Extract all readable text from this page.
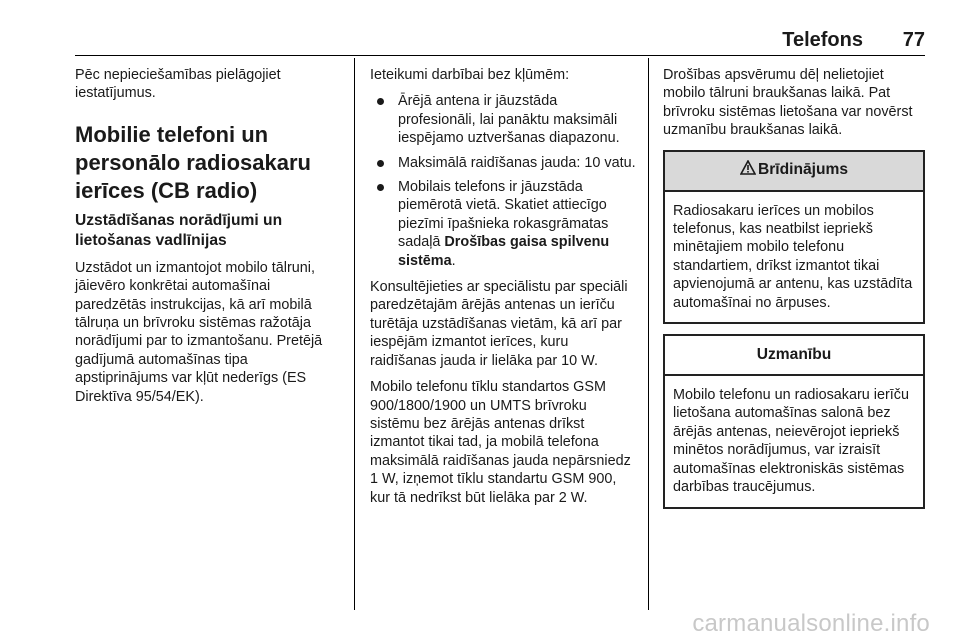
Telefons 77

Pēc nepieciešamības pielāgojiet iestatījumus.

Mobilie telefoni un personālo radiosakaru ierīces (CB radio)
Uzstādīšanas norādījumi un lietošanas vadlīnijas

Uzstādot un izmantojot mobilo tālruni, jāievēro konkrētai automašīnai paredzētās instrukcijas, kā arī mobilā tālruņa un brīvroku sistēmas ražotāja norādījumi par to izmantošanu. Pretējā gadījumā automašīnas tipa apstiprinājums var kļūt nederīgs (ES Direktīva 95/54/EK).

Ieteikumi darbībai bez kļūmēm:

Ārējā antena ir jāuzstāda profesionāli, lai panāktu maksimāli iespējamo uztveršanas diapazonu.
Maksimālā raidīšanas jauda: 10 vatu.
Mobilais telefons ir jāuzstāda piemērotā vietā. Skatiet attiecīgo piezīmi īpašnieka rokasgrāmatas sadaļā Drošības gaisa spilvenu sistēma.

Konsultējieties ar speciālistu par speciāli paredzētajām ārējās antenas un ierīču turētāja uzstādīšanas vietām, kā arī par iespējām izmantot ierīces, kuru raidīšanas jauda ir lielāka par 10 W.

Mobilo telefonu tīklu standartos GSM 900/1800/1900 un UMTS brīvroku sistēmu bez ārējās antenas drīkst izmantot tikai tad, ja mobilā telefona maksimālā raidīšanas jauda nepārsniedz 1 W, izņemot tīklu standartu GSM 900, kur tā nedrīkst būt lielāka par 2 W.

Drošības apsvērumu dēļ nelietojiet mobilo tālruni braukšanas laikā. Pat brīvroku sistēmas lietošana var novērst uzmanību braukšanas laikā.

Brīdinājums
Radiosakaru ierīces un mobilos telefonus, kas neatbilst iepriekš minētajiem mobilo telefonu standartiem, drīkst izmantot tikai apvienojumā ar antenu, kas uzstādīta automašīnai no ārpuses.
Uzmanību
Mobilo telefonu un radiosakaru ierīču lietošana automašīnas salonā bez ārējās antenas, neievērojot iepriekš minētos norādījumus, var izraisīt automašīnas elektroniskās sistēmas darbības traucējumus.
carmanualsonline.info
